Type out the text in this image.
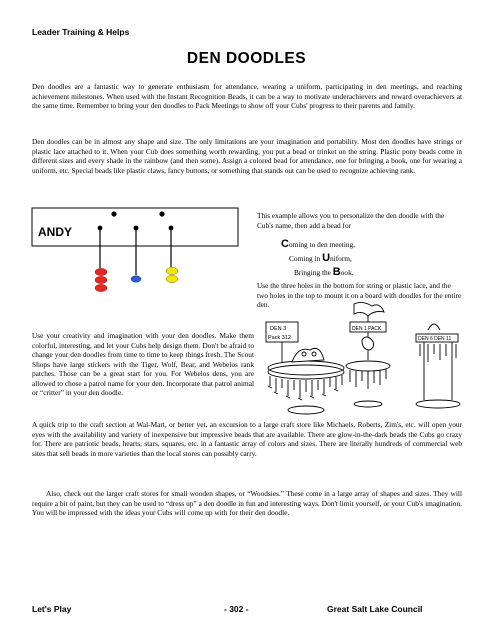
Leader Training & Helps
DEN DOODLES

Den doodles are a fantastic way to generate enthusiasm for attendance, wearing a uniform, participating in den meetings, and reaching achievement milestones. When used with the Instant Recognition Beads, it can be a way to motivate underachievers and reward overachievers at the same time. Remember to bring your den doodles to Pack Meetings to show off your Cubs' progress to their parents and family.

Den doodles can be in almost any shape and size. The only limitations are your imagination and portability. Most den doodles have strings or plastic lace attached to it. When your Cub does something worth rewarding, you put a bead or trinket on the string. Plastic pony beads come in different sizes and every shade in the rainbow (and then some). Assign a colored bead for attendance, one for bringing a book, one for wearing a uniform, etc. Special beads like plastic claws, fancy buttons, or something that stands out can be used to recognize achieving rank.

ANDY
This example allows you to personalize the den doodle with the Cub's name, then add a bead for
Coming to den meeting,
Coming in Uniform,
Bringing the Book.
Use the three holes in the bottom for string or plastic lace, and the two holes in the top to mount it on a board with doodles for the entire den.

Use your creativity and imagination with your den doodles. Make them colorful, interesting, and let your Cubs help design them. Don't be afraid to change your den doodles from time to time to keep things fresh. The Scout Shops have large stickers with the Tiger, Wolf, Bear, and Webelos rank patches. Those can be a great start for you. For Webelos dens, you are allowed to chose a patrol name for your den. Incorporate that patrol animal or “critter” in your den doodle.

DEN 3
Pack 312
DEN 1 PACK
DEN 6 DEN 11

A quick trip to the craft section at Wal-Mart, or better yet, an excursion to a large craft store like Michaels, Roberts, Zim's, etc. will open your eyes with the availability and variety of inexpensive but impressive beads that are available. There are glow-in-the-dark beads the Cubs go crazy for. There are patriotic beads, hearts, stars, squares, etc. in a fantastic array of colors and sizes. There are literally hundreds of commercial web sites that sell beads in more varieties than the local stores can possibly carry.

Also, check out the larger craft stores for small wooden shapes, or “Woodsies.” These come in a large array of shapes and sizes. They will require a bit of paint, but they can be used to “dress up” a den doodle in fun and interesting ways. Don't limit yourself, or your Cub's imagination. You will be impressed with the ideas your Cubs will come up with for their den doodle.

Let's Play	- 302 -	Great Salt Lake Council
